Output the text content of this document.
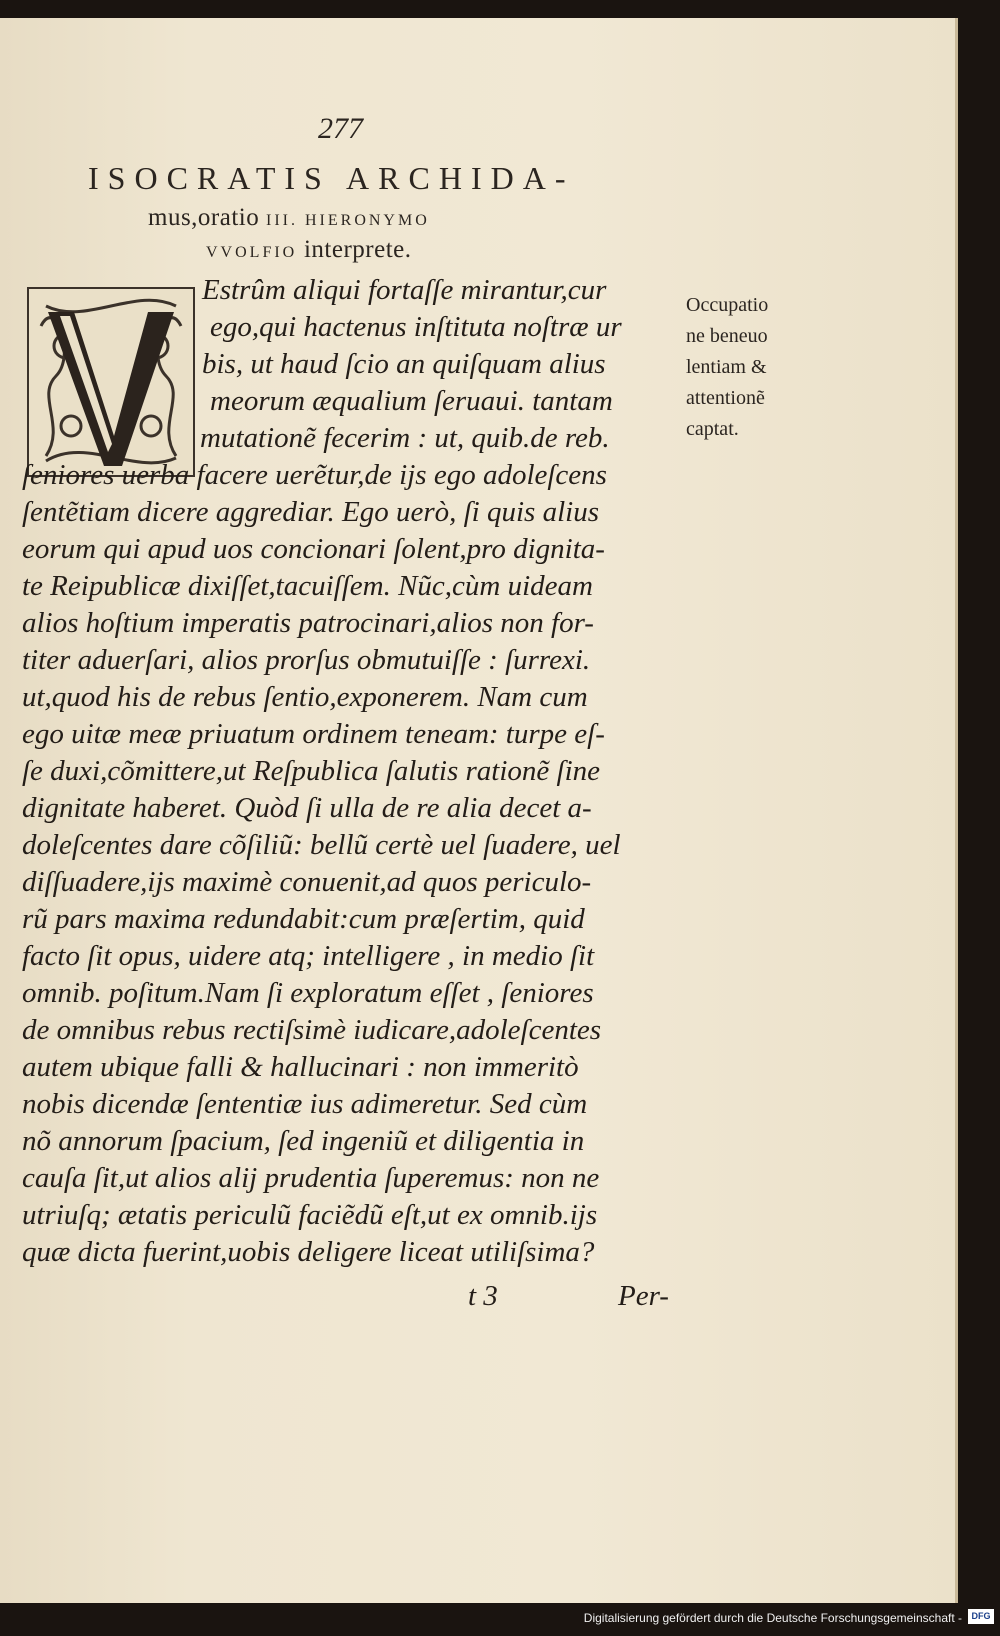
277
ISOCRATIS ARCHIDA-
mus,oratio III. HIERONYMO
VVOLFIO interprete.
Estrûm aliqui fortaſſe mirantur,cur
ego,qui hactenus inſtituta noſtræ ur
bis, ut haud ſcio an quiſquam alius
meorum æqualium ſeruaui. tantam
mutationẽ fecerim : ut, quib.de reb.
ſeniores uerba facere uerẽtur,de ijs ego adoleſcens
ſentẽtiam dicere aggrediar. Ego uerò, ſi quis alius
eorum qui apud uos concionari ſolent,pro dignita-
te Reipublicæ dixiſſet,tacuiſſem. Nũc,cùm uideam
alios hoſtium imperatis patrocinari,alios non for-
titer aduerſari, alios prorſus obmutuiſſe : ſurrexi.
ut,quod his de rebus ſentio,exponerem. Nam cum
ego uitæ meæ priuatum ordinem teneam: turpe eſ-
ſe duxi,cõmittere,ut Reſpublica ſalutis rationẽ ſine
dignitate haberet. Quòd ſi ulla de re alia decet a-
doleſcentes dare cõſiliũ: bellũ certè uel ſuadere, uel
diſſuadere,ijs maximè conuenit,ad quos periculo-
rũ pars maxima redundabit:cum præſertim, quid
facto ſit opus, uidere atq; intelligere , in medio ſit
omnib. poſitum.Nam ſi exploratum eſſet , ſeniores
de omnibus rebus rectiſsimè iudicare,adoleſcentes
autem ubique falli & hallucinari : non immeritò
nobis dicendæ ſententiæ ius adimeretur. Sed cùm
nõ annorum ſpacium, ſed ingeniũ et diligentia in
cauſa ſit,ut alios alij prudentia ſuperemus: non ne
utriuſq; ætatis periculũ faciẽdũ eſt,ut ex omnib.ijs
quæ dicta fuerint,uobis deligere liceat utiliſsima?
t 3	Per-
Occupatio
ne beneuo
lentiam &
attentionẽ
captat.
Digitalisierung gefördert durch die Deutsche Forschungsgemeinschaft -	DFG
